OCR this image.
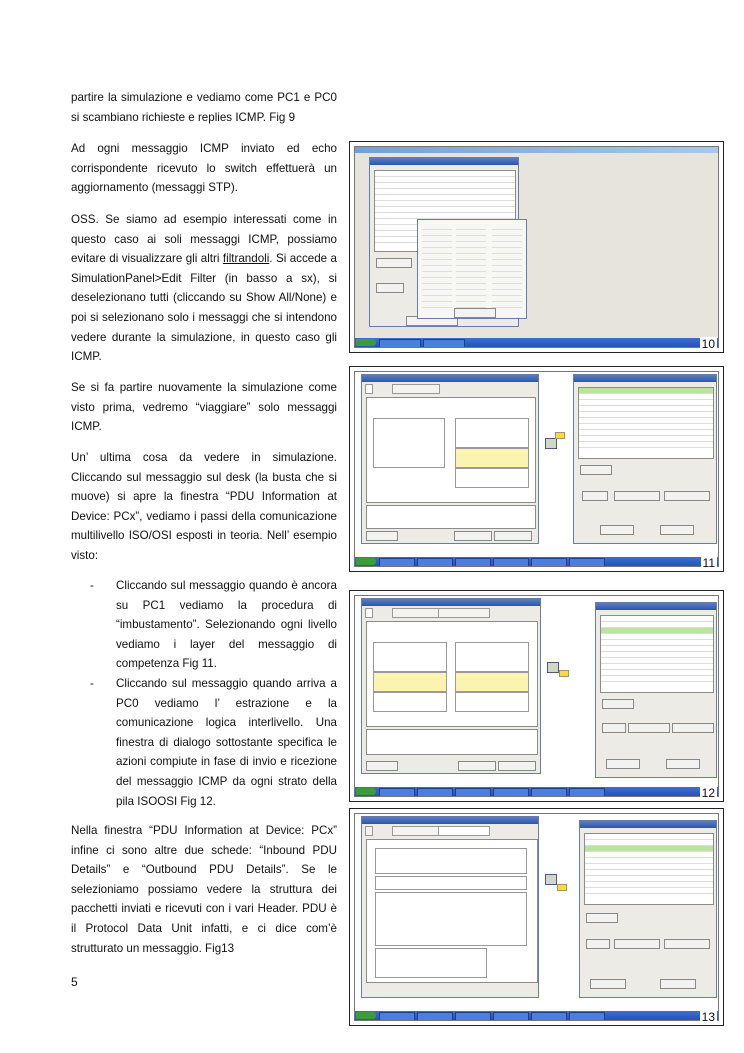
partire la simulazione e vediamo come PC1 e PC0 si scambiano richieste e replies ICMP. Fig 9

Ad ogni messaggio ICMP inviato ed echo corrispondente ricevuto lo switch effettuerà un aggiornamento (messaggi STP).

OSS. Se siamo ad esempio interessati come in questo caso ai soli messaggi ICMP, possiamo evitare di visualizzare gli altri filtrandoli. Si accede a SimulationPanel>Edit Filter (in basso a sx), si deselezionano tutti (cliccando su Show All/None) e poi si selezionano solo i messaggi che si intendono vedere durante la simulazione, in questo caso gli ICMP.

Se si fa partire nuovamente la simulazione come visto prima, vedremo “viaggiare” solo messaggi ICMP.

Un’ ultima cosa da vedere in simulazione. Cliccando sul messaggio sul desk (la busta che si muove) si apre la finestra “PDU Information at Device: PCx”, vediamo i passi della comunicazione multilivello ISO/OSI esposti in teoria. Nell’ esempio visto:

- Cliccando sul messaggio quando è ancora su PC1 vediamo la procedura di “imbustamento”. Selezionando ogni livello vediamo i layer del messaggio di competenza Fig 11.

- Cliccando sul messaggio quando arriva a PC0 vediamo l’ estrazione e la comunicazione logica interlivello. Una finestra di dialogo sottostante specifica le azioni compiute in fase di invio e ricezione del messaggio ICMP da ogni strato della pila ISOOSI Fig 12.

Nella finestra “PDU Information at Device: PCx” infine ci sono altre due schede: “Inbound PDU Details” e “Outbound PDU Details”. Se le selezioniamo possiamo vedere la struttura dei pacchetti inviati e ricevuti con i vari Header. PDU è il Protocol Data Unit infatti, e ci dice com’è strutturato un messaggio. Fig13

5
10
11
12
13
